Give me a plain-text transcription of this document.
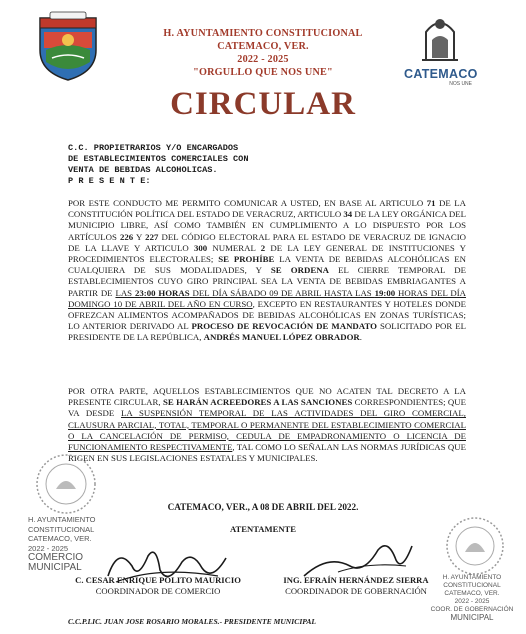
H. AYUNTAMIENTO CONSTITUCIONAL
CATEMACO, VER.
2022 - 2025
"ORGULLO QUE NOS UNE"	CATEMACO
NOS UNE
CIRCULAR
C.C. PROPIETRARIOS Y/O ENCARGADOS
DE ESTABLECIMIENTOS COMERCIALES CON
VENTA DE BEBIDAS ALCOHOLICAS.
P R E S E N T E:
POR ESTE CONDUCTO ME PERMITO COMUNICAR A USTED, EN BASE AL ARTICULO 71 DE LA CONSTITUCIÓN POLÍTICA DEL ESTADO DE VERACRUZ, ARTICULO 34 DE LA LEY ORGÁNICA DEL MUNICIPIO LIBRE, ASÍ COMO TAMBIÉN EN CUMPLIMIENTO A LO DISPUESTO POR LOS ARTÍCULOS 226 Y 227 DEL CÓDIGO ELECTORAL PARA EL ESTADO DE VERACRUZ DE IGNACIO DE LA LLAVE Y ARTICULO 300 NUMERAL 2 DE LA LEY GENERAL DE INSTITUCIONES Y PROCEDIMIENTOS ELECTORALES; SE PROHÍBE LA VENTA DE BEBIDAS ALCOHÓLICAS EN CUALQUIERA DE SUS MODALIDADES, Y SE ORDENA EL CIERRE TEMPORAL DE ESTABLECIMIENTOS CUYO GIRO PRINCIPAL SEA LA VENTA DE BEBIDAS EMBRIAGANTES A PARTIR DE LAS 23:00 HORAS DEL DÍA SÁBADO 09 DE ABRIL HASTA LAS 19:00 HORAS DEL DÍA DOMINGO 10 DE ABRIL DEL AÑO EN CURSO, EXCEPTO EN RESTAURANTES Y HOTELES DONDE OFREZCAN ALIMENTOS ACOMPAÑADOS DE BEBIDAS ALCOHÓLICAS EN ZONAS TURÍSTICAS; LO ANTERIOR DERIVADO AL PROCESO DE REVOCACIÓN DE MANDATO SOLICITADO POR EL PRESIDENTE DE LA REPÚBLICA, ANDRÉS MANUEL LÓPEZ OBRADOR.
POR OTRA PARTE, AQUELLOS ESTABLECIMIENTOS QUE NO ACATEN TAL DECRETO A LA PRESENTE CIRCULAR, SE HARÁN ACREEDORES A LAS SANCIONES CORRESPONDIENTES; QUE VA DESDE LA SUSPENSIÓN TEMPORAL DE LAS ACTIVIDADES DEL GIRO COMERCIAL, CLAUSURA PARCIAL, TOTAL, TEMPORAL O PERMANENTE DEL ESTABLECIMIENTO COMERCIAL O LA CANCELACIÓN DE PERMISO, CEDULA DE EMPADRONAMIENTO O LICENCIA DE FUNCIONAMIENTO RESPECTIVAMENTE, TAL COMO LO SEÑALAN LAS NORMAS JURÍDICAS QUE RIGEN EN SUS LEGISLACIONES ESTATALES Y MUNICIPALES.
CATEMACO, VER., A 08 DE ABRIL DEL 2022.
ATENTAMENTE
H. AYUNTAMIENTO
CONSTITUCIONAL
CATEMACO, VER.
2022 - 2025
COMERCIO
MUNICIPAL
H. AYUNTAMIENTO
CONSTITUCIONAL
CATEMACO, VER.
2022 - 2025
COOR. DE GOBERNACIÓN
MUNICIPAL
C. CESAR ENRIQUE POLITO MAURICIO
COORDINADOR DE COMERCIO
ING. EFRAÍN HERNÁNDEZ SIERRA
COORDINADOR DE GOBERNACIÓN
C.C.P.LIC. JUAN JOSE ROSARIO MORALES.- PRESIDENTE MUNICIPAL
